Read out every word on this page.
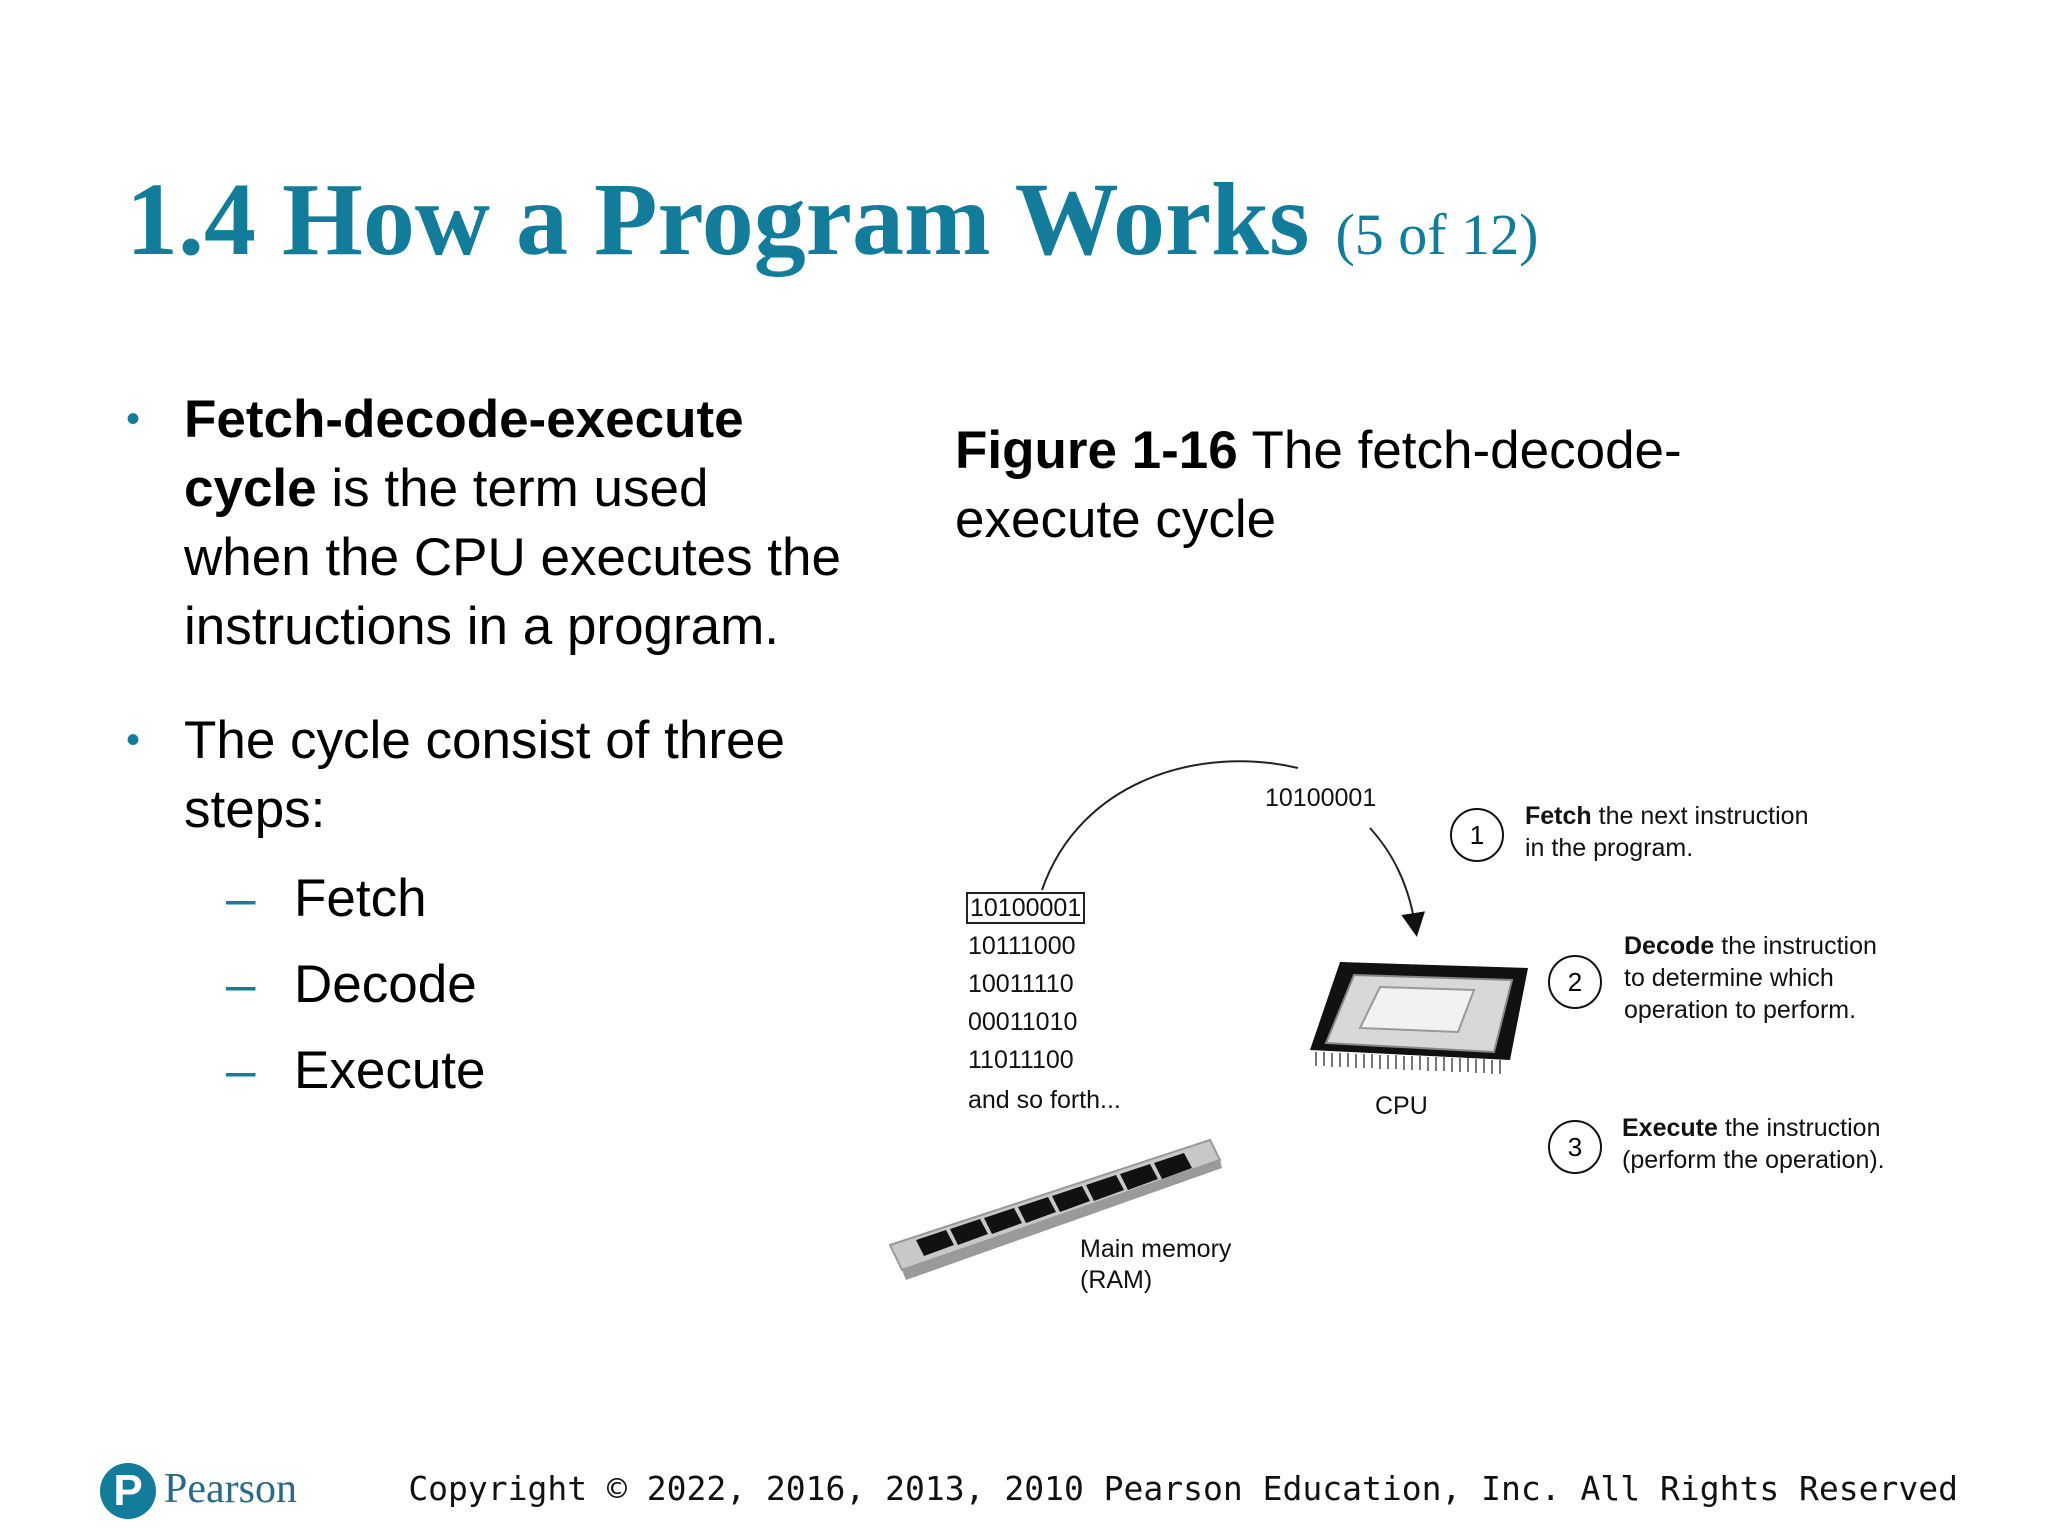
1.4 How a Program Works (5 of 12)
• Fetch-decode-execute cycle is the term used when the CPU executes the instructions in a program.
• The cycle consist of three steps:
– Fetch
– Decode
– Execute
Figure 1-16 The fetch-decode-execute cycle
10100001
10111000
10011110
00011010
11011100
and so forth...
10100001
CPU
Main memory
(RAM)
1
Fetch the next instruction
in the program.
2
Decode the instruction
to determine which
operation to perform.
3
Execute the instruction
(perform the operation).
P Pearson	Copyright © 2022, 2016, 2013, 2010 Pearson Education, Inc. All Rights Reserved
